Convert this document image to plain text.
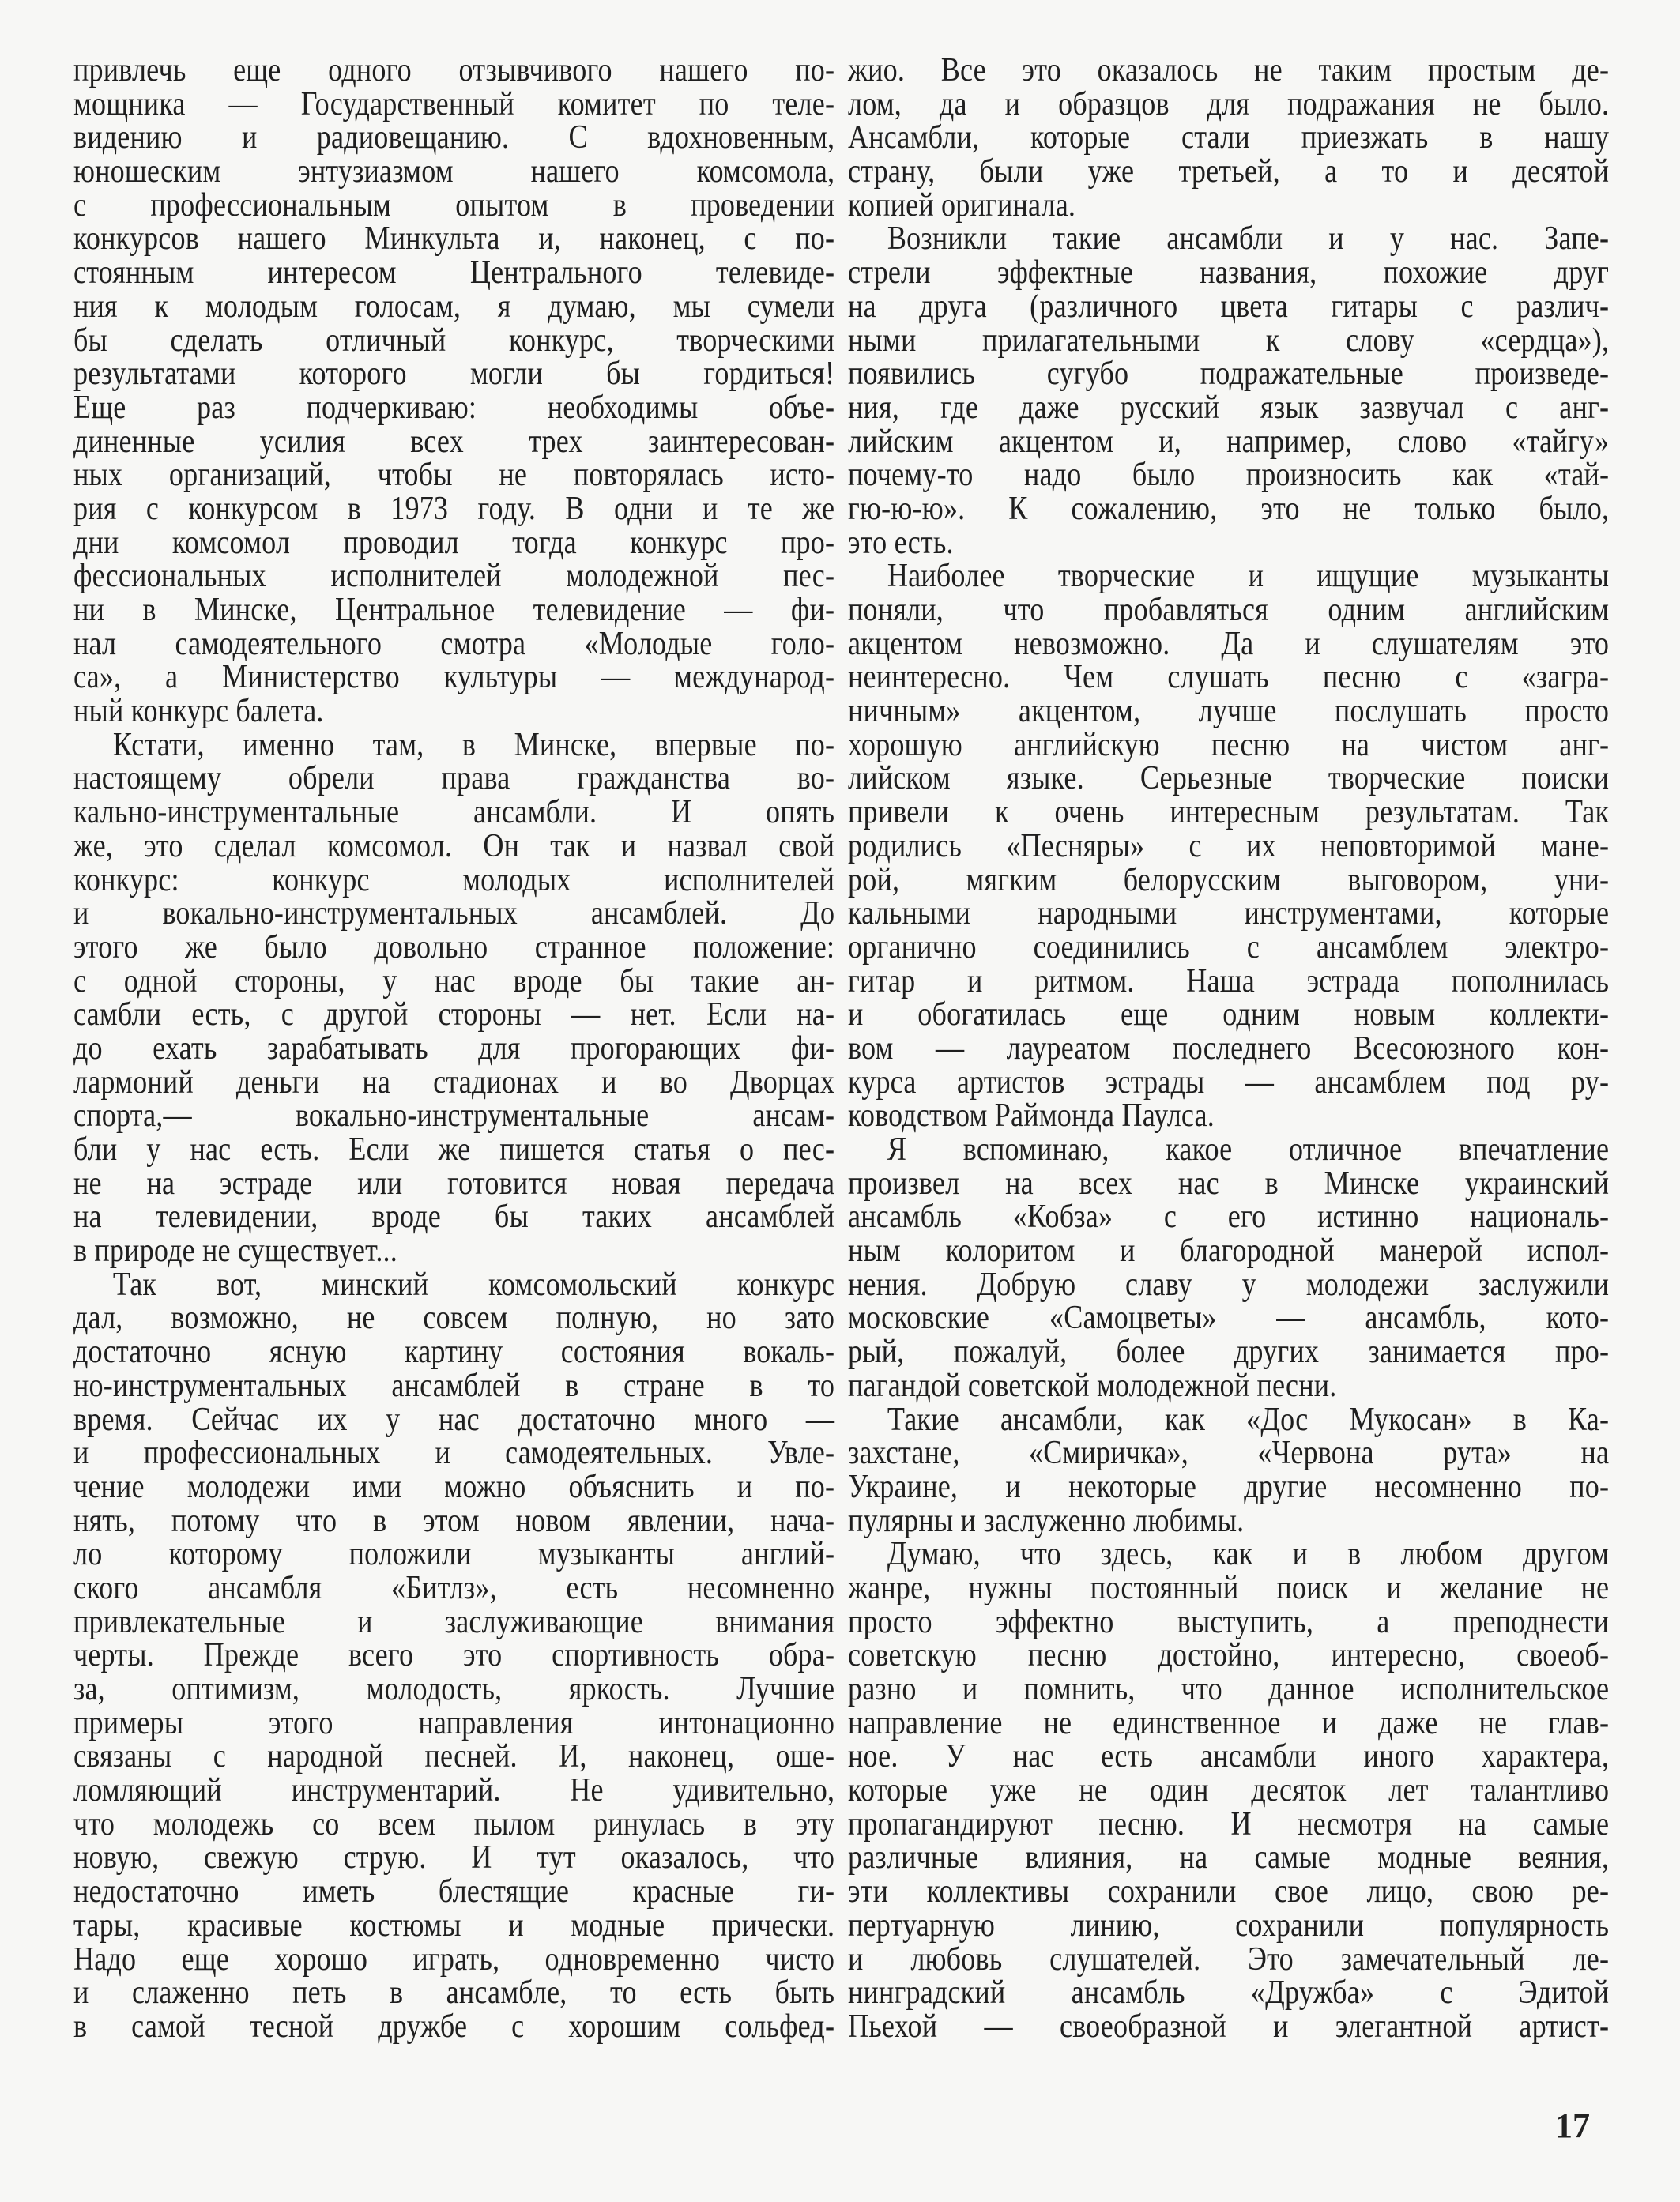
привлечь еще одного отзывчивого нашего по-
мощника — Государственный комитет по теле-
видению и радиовещанию. С вдохновенным,
юношеским энтузиазмом нашего комсомола,
с профессиональным опытом в проведении
конкурсов нашего Минкульта и, наконец, с по-
стоянным интересом Центрального телевиде-
ния к молодым голосам, я думаю, мы сумели
бы сделать отличный конкурс, творческими
результатами которого могли бы гордиться!
Еще раз подчеркиваю: необходимы объе-
диненные усилия всех трех заинтересован-
ных организаций, чтобы не повторялась исто-
рия с конкурсом в 1973 году. В одни и те же
дни комсомол проводил тогда конкурс про-
фессиональных исполнителей молодежной пес-
ни в Минске, Центральное телевидение — фи-
нал самодеятельного смотра «Молодые голо-
са», а Министерство культуры — международ-
ный конкурс балета.
Кстати, именно там, в Минске, впервые по-
настоящему обрели права гражданства во-
кально-инструментальные ансамбли. И опять
же, это сделал комсомол. Он так и назвал свой
конкурс: конкурс молодых исполнителей
и вокально-инструментальных ансамблей. До
этого же было довольно странное положение:
с одной стороны, у нас вроде бы такие ан-
самбли есть, с другой стороны — нет. Если на-
до ехать зарабатывать для прогорающих фи-
лармоний деньги на стадионах и во Дворцах
спорта,— вокально-инструментальные ансам-
бли у нас есть. Если же пишется статья о пес-
не на эстраде или готовится новая передача
на телевидении, вроде бы таких ансамблей
в природе не существует...
Так вот, минский комсомольский конкурс
дал, возможно, не совсем полную, но зато
достаточно ясную картину состояния вокаль-
но-инструментальных ансамблей в стране в то
время. Сейчас их у нас достаточно много —
и профессиональных и самодеятельных. Увле-
чение молодежи ими можно объяснить и по-
нять, потому что в этом новом явлении, нача-
ло которому положили музыканты англий-
ского ансамбля «Битлз», есть несомненно
привлекательные и заслуживающие внимания
черты. Прежде всего это спортивность обра-
за, оптимизм, молодость, яркость. Лучшие
примеры этого направления интонационно
связаны с народной песней. И, наконец, оше-
ломляющий инструментарий. Не удивительно,
что молодежь со всем пылом ринулась в эту
новую, свежую струю. И тут оказалось, что
недостаточно иметь блестящие красные ги-
тары, красивые костюмы и модные прически.
Надо еще хорошо играть, одновременно чисто
и слаженно петь в ансамбле, то есть быть
в самой тесной дружбе с хорошим сольфед-
жио. Все это оказалось не таким простым де-
лом, да и образцов для подражания не было.
Ансамбли, которые стали приезжать в нашу
страну, были уже третьей, а то и десятой
копией оригинала.
Возникли такие ансамбли и у нас. Запе-
стрели эффектные названия, похожие друг
на друга (различного цвета гитары с различ-
ными прилагательными к слову «сердца»),
появились сугубо подражательные произведе-
ния, где даже русский язык зазвучал с анг-
лийским акцентом и, например, слово «тайгу»
почему-то надо было произносить как «тай-
гю-ю-ю». К сожалению, это не только было,
это есть.
Наиболее творческие и ищущие музыканты
поняли, что пробавляться одним английским
акцентом невозможно. Да и слушателям это
неинтересно. Чем слушать песню с «загра-
ничным» акцентом, лучше послушать просто
хорошую английскую песню на чистом анг-
лийском языке. Серьезные творческие поиски
привели к очень интересным результатам. Так
родились «Песняры» с их неповторимой мане-
рой, мягким белорусским выговором, уни-
кальными народными инструментами, которые
органично соединились с ансамблем электро-
гитар и ритмом. Наша эстрада пополнилась
и обогатилась еще одним новым коллекти-
вом — лауреатом последнего Всесоюзного кон-
курса артистов эстрады — ансамблем под ру-
ководством Раймонда Паулса.
Я вспоминаю, какое отличное впечатление
произвел на всех нас в Минске украинский
ансамбль «Кобза» с его истинно националь-
ным колоритом и благородной манерой испол-
нения. Добрую славу у молодежи заслужили
московские «Самоцветы» — ансамбль, кото-
рый, пожалуй, более других занимается про-
пагандой советской молодежной песни.
Такие ансамбли, как «Дос Мукосан» в Ка-
захстане, «Смиричка», «Червона рута» на
Украине, и некоторые другие несомненно по-
пулярны и заслуженно любимы.
Думаю, что здесь, как и в любом другом
жанре, нужны постоянный поиск и желание не
просто эффектно выступить, а преподнести
советскую песню достойно, интересно, своеоб-
разно и помнить, что данное исполнительское
направление не единственное и даже не глав-
ное. У нас есть ансамбли иного характера,
которые уже не один десяток лет талантливо
пропагандируют песню. И несмотря на самые
различные влияния, на самые модные веяния,
эти коллективы сохранили свое лицо, свою ре-
пертуарную линию, сохранили популярность
и любовь слушателей. Это замечательный ле-
нинградский ансамбль «Дружба» с Эдитой
Пьехой — своеобразной и элегантной артист-
17
